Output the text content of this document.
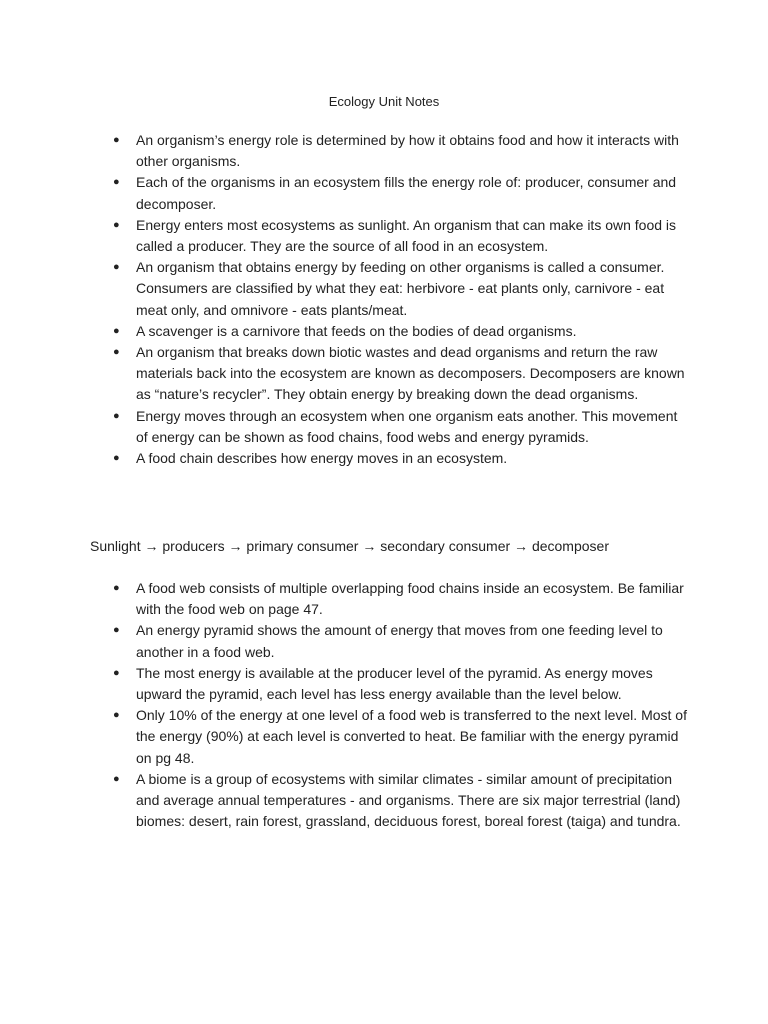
Ecology Unit Notes
● An organism’s energy role is determined by how it obtains food and how it interacts with other organisms.
● Each of the organisms in an ecosystem fills the energy role of: producer, consumer and decomposer.
● Energy enters most ecosystems as sunlight. An organism that can make its own food is called a producer. They are the source of all food in an ecosystem.
● An organism that obtains energy by feeding on other organisms is called a consumer. Consumers are classified by what they eat: herbivore - eat plants only, carnivore - eat meat only, and omnivore - eats plants/meat.
● A scavenger is a carnivore that feeds on the bodies of dead organisms.
● An organism that breaks down biotic wastes and dead organisms and return the raw materials back into the ecosystem are known as decomposers. Decomposers are known as “nature’s recycler”. They obtain energy by breaking down the dead organisms.
● Energy moves through an ecosystem when one organism eats another. This movement of energy can be shown as food chains, food webs and energy pyramids.
● A food chain describes how energy moves in an ecosystem.
Sunlight → producers → primary consumer → secondary consumer → decomposer
● A food web consists of multiple overlapping food chains inside an ecosystem. Be familiar with the food web on page 47.
● An energy pyramid shows the amount of energy that moves from one feeding level to another in a food web.
● The most energy is available at the producer level of the pyramid. As energy moves upward the pyramid, each level has less energy available than the level below.
● Only 10% of the energy at one level of a food web is transferred to the next level. Most of the energy (90%) at each level is converted to heat. Be familiar with the energy pyramid on pg 48.
● A biome is a group of ecosystems with similar climates - similar amount of precipitation and average annual temperatures - and organisms. There are six major terrestrial (land) biomes: desert, rain forest, grassland, deciduous forest, boreal forest (taiga) and tundra.
